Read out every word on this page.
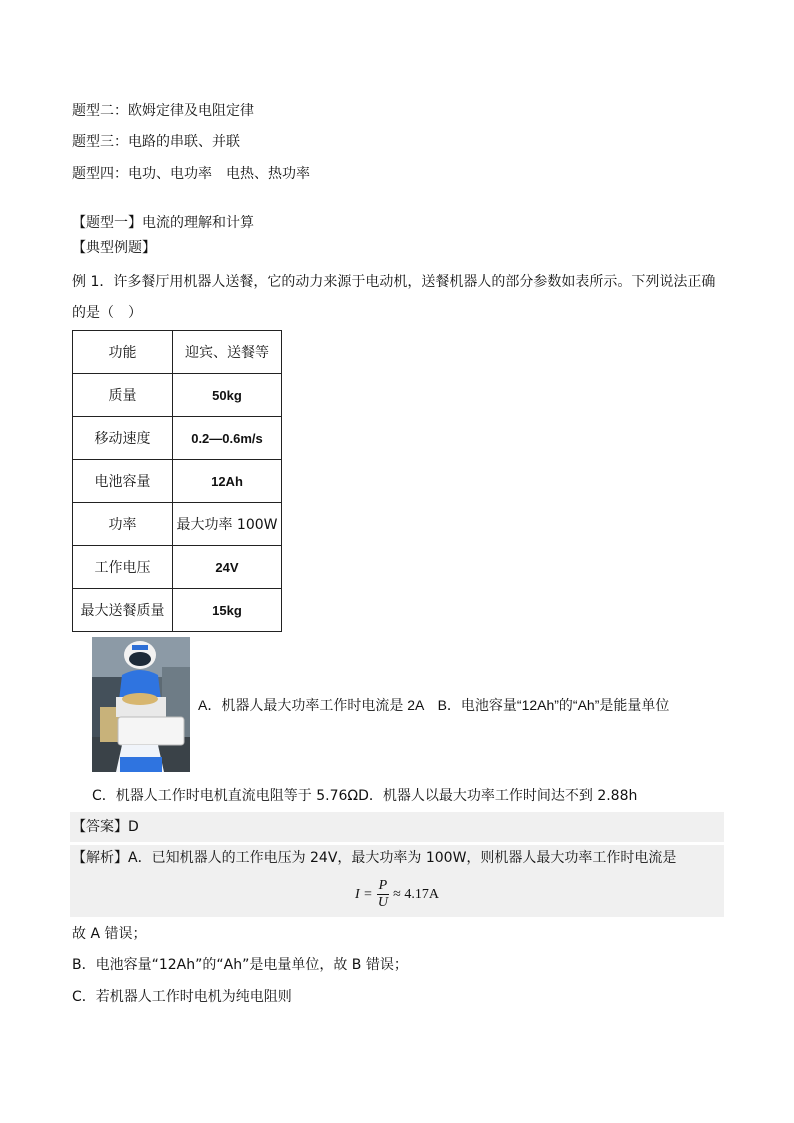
题型二：欧姆定律及电阻定律
题型三：电路的串联、并联
题型四：电功、电功率　电热、热功率
【题型一】电流的理解和计算
【典型例题】
例 1．许多餐厅用机器人送餐，它的动力来源于电动机，送餐机器人的部分参数如表所示。下列说法正确
的是（　）
功能	迎宾、送餐等
质量	50kg
移动速度	0.2—0.6m/s
电池容量	12Ah
功率	最大功率 100W
工作电压	24V
最大送餐质量	15kg
A．机器人最大功率工作时电流是 2A　B．电池容量“12Ah”的“Ah”是能量单位
C．机器人工作时电机直流电阻等于 5.76ΩD．机器人以最大功率工作时间达不到 2.88h
【答案】D
【解析】A．已知机器人的工作电压为 24V，最大功率为 100W，则机器人最大功率工作时电流是
$I = \frac{P}{U} \approx 4.17A$
故 A 错误；
B．电池容量“12Ah”的“Ah”是电量单位，故 B 错误；
C．若机器人工作时电机为纯电阻则
